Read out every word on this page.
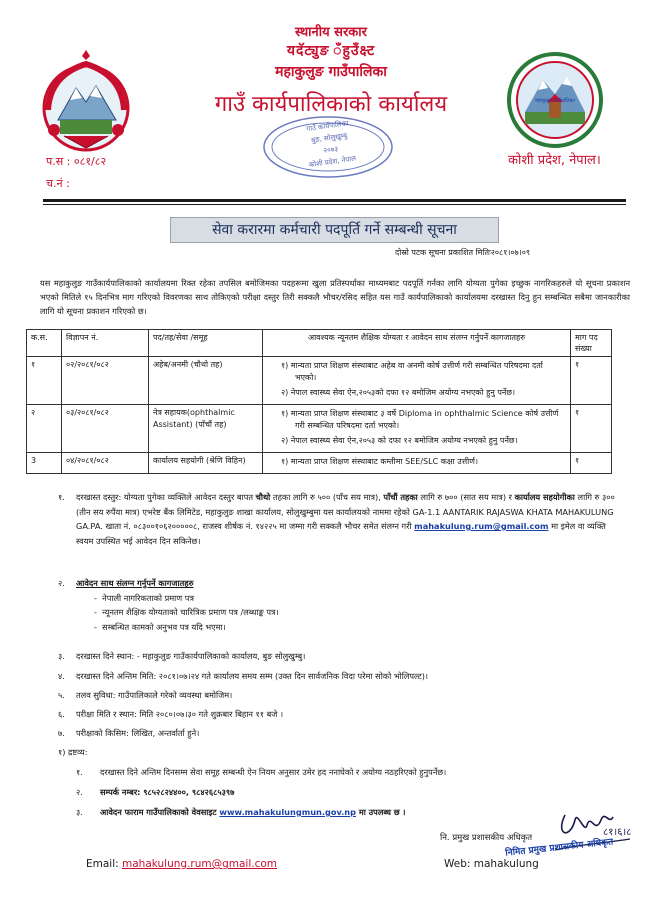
स्थानीय सरकार
यदॅट्युङ ँहुउँक्ष्ट
महाकुलुङ गाउँपालिका
गाउँ कार्यपालिकाको कार्यालय	महाकुलुङ गाउँपालिका
गाउँ कार्यपालिका
बुङ, सोलुखुम्बु
२०७३
कोशी प्रदेश, नेपाल
प.स : ०८१/८२
च.नं :
कोशी प्रदेश, नेपाल।
सेवा करारमा कर्मचारी पदपूर्ति गर्ने सम्बन्धी सूचना
दोस्रो पटक सूचना प्रकाशित मितिः२०८१।०७।०९
यस महाकुलुङ गाउँकार्यपालिकाको कार्यालयमा रिक्त रहेका तपसिल बमोजिमका पदहरूमा खुला प्रतिस्पर्धाका माध्यमबाट पदपूर्ति गर्नका लागि योग्यता पुगेका इच्छुक नागरिकहरुले यो सूचना प्रकाशन भएको मितिले १५ दिनभित्र माग गरिएको विवरणका साथ तोकिएको परीक्षा दस्तुर तिरी सक्कलै भौचर/रसिद सहित यस गाउँ कार्यपालिकाको कार्यालयमा दरखास्त दिनु हुन सम्बन्धित सबैमा जानकारीका लागि यो सूचना प्रकाशन गरिएको छ।
क.स.	विज्ञापन नं.	पद/तह/सेवा /समूह	आवश्यक न्यूनतम शैक्षिक योग्यता र आवेदन साथ संलग्न गर्नुपर्ने कागजातहरु	माग पद संख्या
१	०२/२०८१/०८२	अहेब/अनमी (चौथो तह)	१) मान्यता प्राप्त शिक्षण संस्थाबाट अहेब वा अनमी कोर्ष उत्तीर्ण गरी सम्बन्धित परिषदमा दर्ता भएको।
२) नेपाल स्वास्थ्य सेवा ऐन,२०५३को दफा १२ बमोजिम अयोग्य नभएको हुनु पर्नेछ।	१
२	०३/२०८१/०८२	नेत्र सहायक(ophthalmic Assistant) (पाँचौं तह)	१) मान्यता प्राप्त शिक्षण संस्थाबाट ३ वर्षे Diploma in ophthalmic Science कोर्ष उत्तीर्ण गरी सम्बन्धित परिषदमा दर्ता भएको।
२) नेपाल स्वास्थ्य सेवा ऐन,२०५३ को दफा १२ बमोजिम अयोग्य नभएको हुनु पर्नेछ।	१
3	०४/२०८१/०८२	कार्यालय सहयोगी (श्रेणि विहिन)	१) मान्यता प्राप्त शिक्षण संस्थाबाट कम्तीमा SEE/SLC कक्षा उत्तीर्ण।	१
१. दरखास्त दस्तुर: योग्यता पुगेका व्यक्तिले आवेदन दस्तुर बापत चौथो तहका लागि रु ५०० (पाँच सय मात्र), पाँचौं तहका लागि रु ७०० (सात सय मात्र) र कार्यालय सहयोगीका लागि रु ३०० (तीन सय रुपैंया मात्र) एभरेष्ट बैंक लिमिटेड, महाकुलुङ शाखा कार्यालय, सोलुखुम्बुमा यस कार्यालयको नाममा रहेको GA-1.1 AANTARIK RAJASWA KHATA MAHAKULUNG GA.PA. खाता नं. ०८३००१०६२०००००८, राजस्व शीर्षक नं. १४२२५ मा जम्मा गरी सक्कलै भौचर समेत संलग्न गरी mahakulung.rum@gmail.com मा इमेल वा व्यक्ति स्वयम उपस्थित भई आवेदन दिन सकिनेछ।
२. आवेदन साथ संलग्न गर्नुपर्ने कागजातहरु
-  नेपाली नागरिकताको प्रमाण पत्र
-  न्यूनतम शैक्षिक योग्यताको चारित्रिक प्रमाण पत्र /लब्धाङ्क पत्र।
-  सम्बन्धित कामको अनुभव पत्र यदि भएमा।
३. दरखास्त दिने स्थान: - महाकुलुङ गाउँकार्यपालिकाको कार्यालय, बुङ सोलुखुम्बु।
४. दरखास्त दिने अन्तिम मिति: २०८१।०७।२४ गते कार्यालय समय सम्म (उक्त दिन सार्वजनिक विदा परेमा सोको भोलिपल्ट)।
५. तलव सुविधा: गाउँपालिकाले गरेको व्यवस्था बमोजिम।
६. परीक्षा मिति र स्थान: मिति २०८०।०७।३० गते शुक्रबार बिहान ११ बजे ।
७. परीक्षाको किसिम: लिखित, अन्तर्वार्ता हुने।
१) द्रष्टव्य:
१. दरखास्त दिने अन्तिम दिनसम्म सेवा समूह सम्बन्धी ऐन नियम अनुसार उमेर हद ननाघेको र अयोग्य नठहरिएको हुनुपर्नेछ।
२. सम्पर्क नम्बर: ९८५२८२४४००, ९८४२६८५३९७
३. आवेदन फाराम गाउँपालिकाको वेवसाइट www.mahakulungmun.gov.np मा उपलब्ध छ ।
८१।६।८
नि. प्रमुख प्रशासकीय अधिकृत
निमित प्रमुख प्रशासकीय अधिकृत
Email: mahakulung.rum@gmail.com	Web: mahakulung
